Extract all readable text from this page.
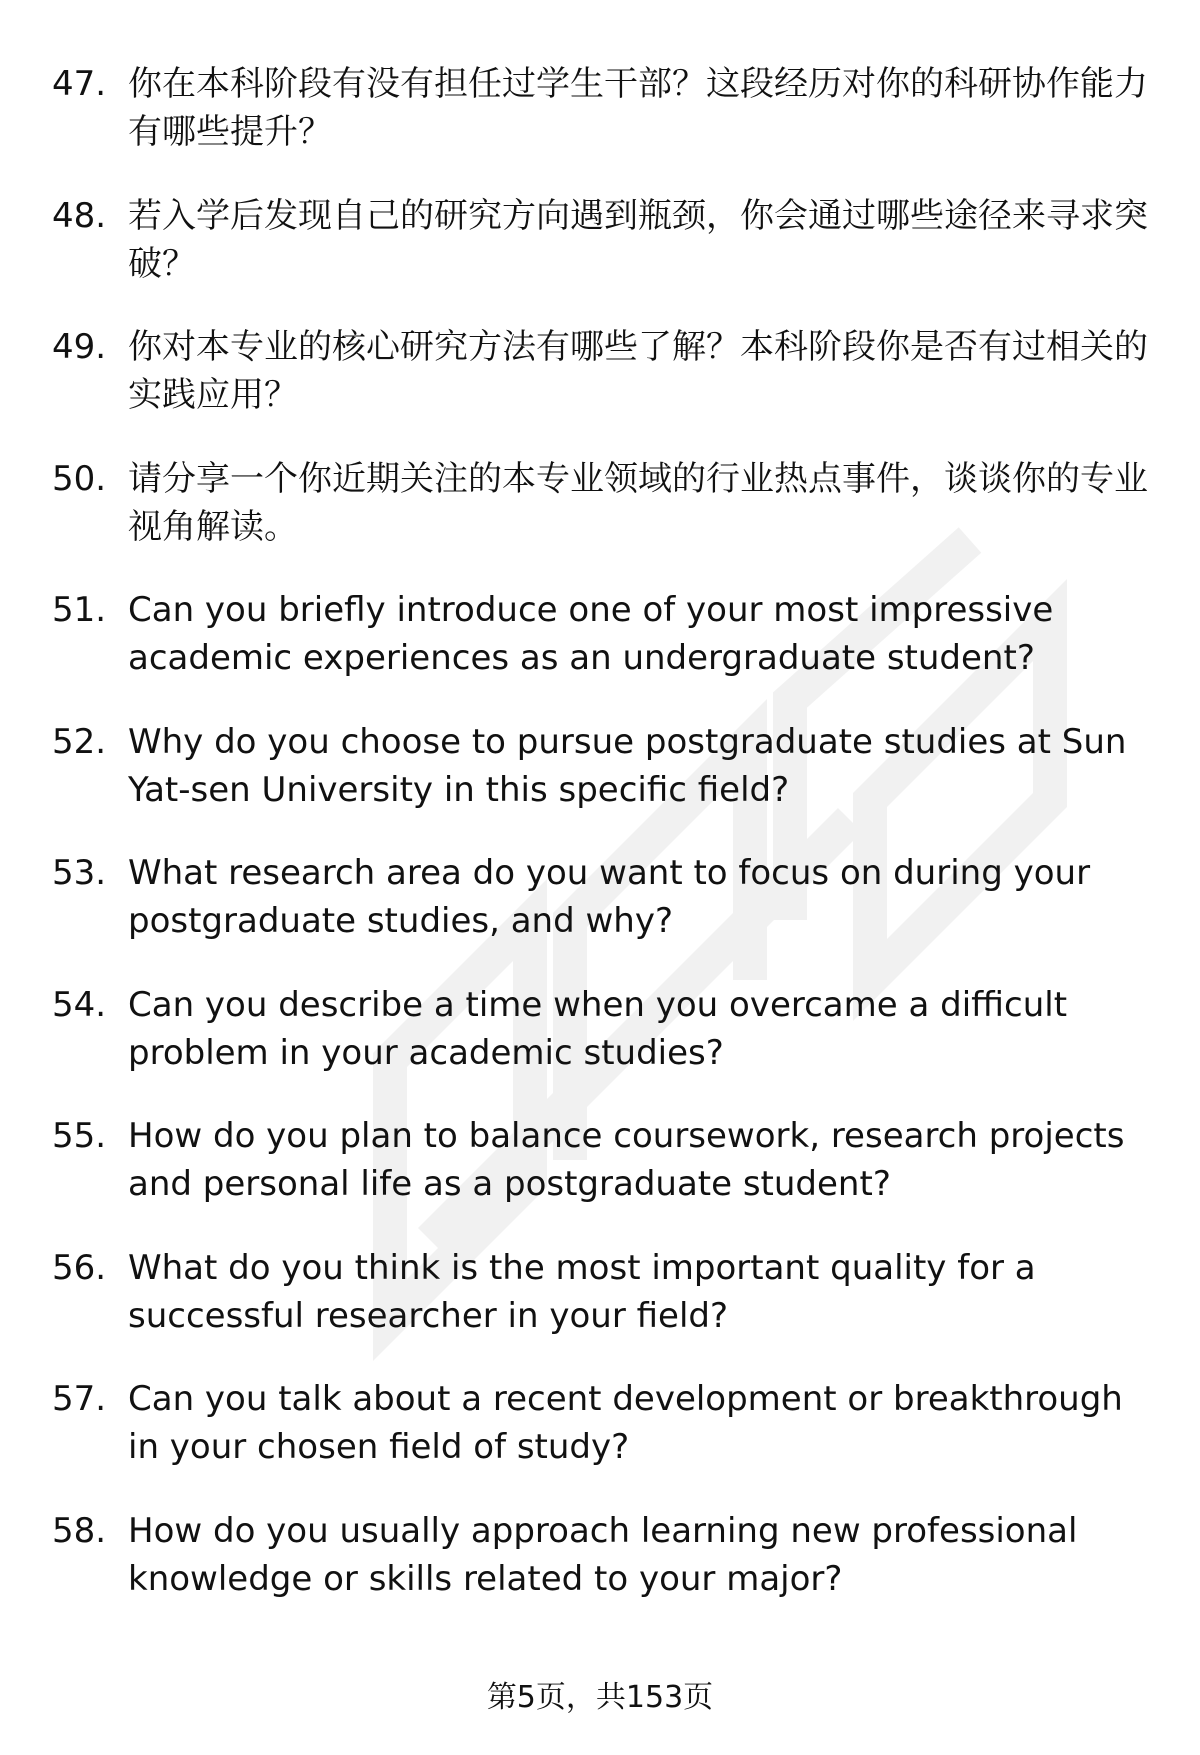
47. 你在本科阶段有没有担任过学生干部？这段经历对你的科研协作能力有哪些提升？
48. 若入学后发现自己的研究方向遇到瓶颈，你会通过哪些途径来寻求突破？
49. 你对本专业的核心研究方法有哪些了解？本科阶段你是否有过相关的实践应用？
50. 请分享一个你近期关注的本专业领域的行业热点事件，谈谈你的专业视角解读。
51. Can you briefly introduce one of your most impressive academic experiences as an undergraduate student?
52. Why do you choose to pursue postgraduate studies at Sun Yat-sen University in this specific field?
53. What research area do you want to focus on during your postgraduate studies, and why?
54. Can you describe a time when you overcame a difficult problem in your academic studies?
55. How do you plan to balance coursework, research projects and personal life as a postgraduate student?
56. What do you think is the most important quality for a successful researcher in your field?
57. Can you talk about a recent development or breakthrough in your chosen field of study?
58. How do you usually approach learning new professional knowledge or skills related to your major?
第5页，共153页
